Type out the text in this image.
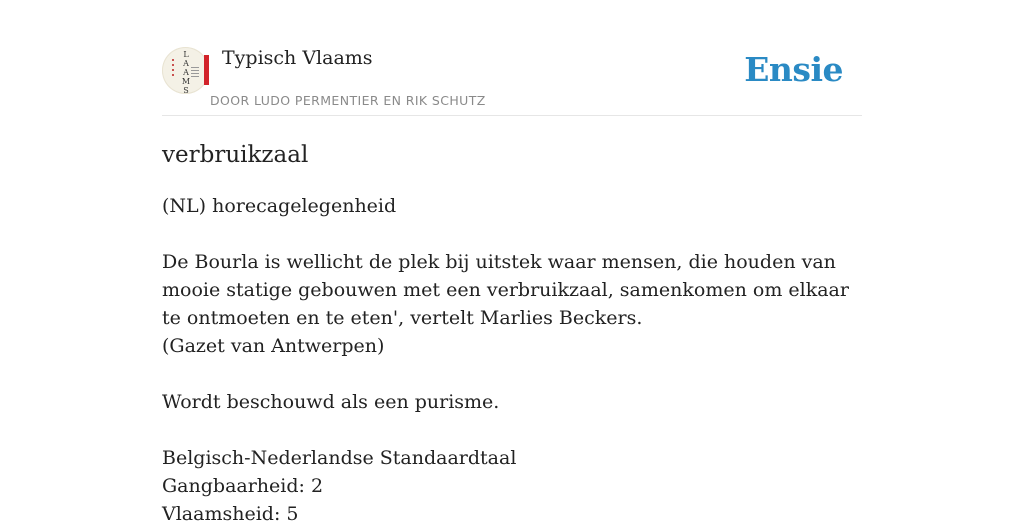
L
A
A
M
S
Typisch Vlaams
DOOR LUDO PERMENTIER EN RIK SCHUTZ
Ensie
verbruikzaal

(NL) horecagelegenheid

De Bourla is wellicht de plek bij uitstek waar mensen, die houden van mooie statige gebouwen met een verbruikzaal, samenkomen om elkaar te ontmoeten en te eten', vertelt Marlies Beckers.

(Gazet van Antwerpen)

Wordt beschouwd als een purisme.

Belgisch-Nederlandse Standaardtaal

Gangbaarheid: 2

Vlaamsheid: 5
